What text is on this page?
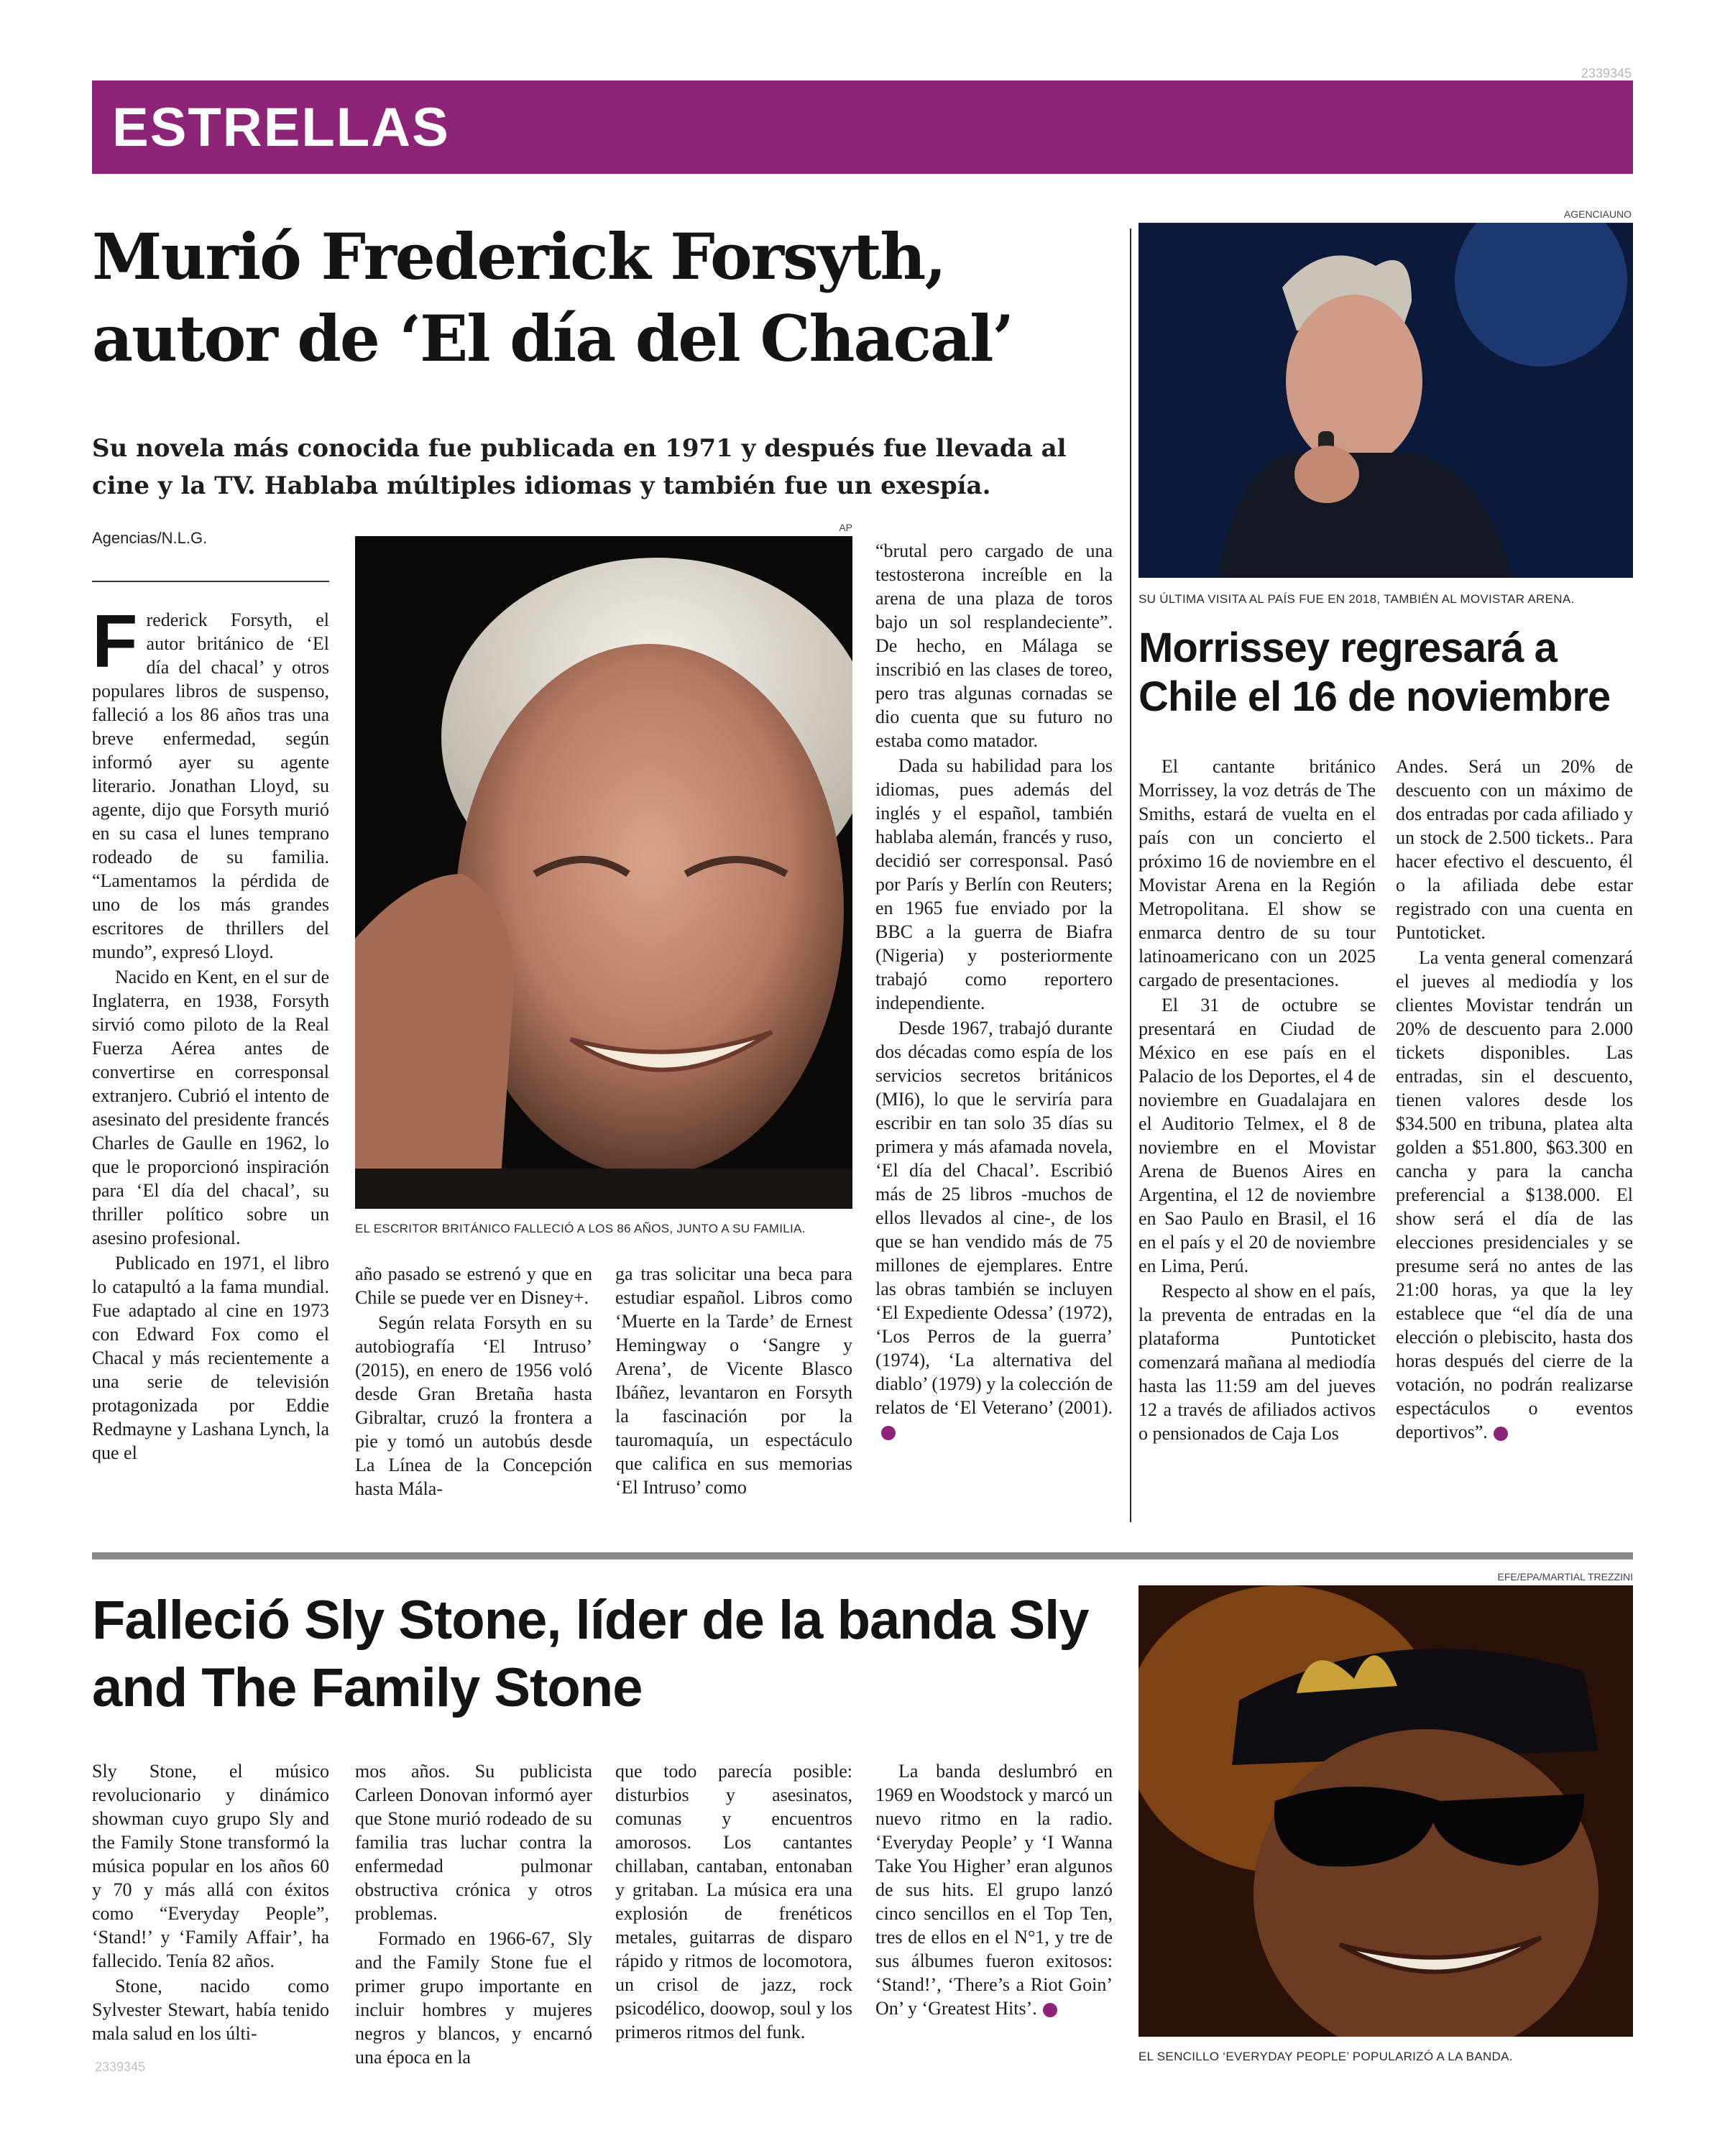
2339345
ESTRELLAS
Murió Frederick Forsyth, autor de ‘El día del Chacal’
Su novela más conocida fue publicada en 1971 y después fue llevada al cine y la TV. Hablaba múltiples idiomas y también fue un exespía.
Agencias/N.L.G.

Frederick Forsyth, el autor británico de ‘El día del chacal’ y otros populares libros de suspenso, falleció a los 86 años tras una breve enfermedad, según informó ayer su agente literario. Jonathan Lloyd, su agente, dijo que Forsyth murió en su casa el lunes temprano rodeado de su familia. “Lamentamos la pérdida de uno de los más grandes escritores de thrillers del mundo”, expresó Lloyd.

Nacido en Kent, en el sur de Inglaterra, en 1938, Forsyth sirvió como piloto de la Real Fuerza Aérea antes de convertirse en corresponsal extranjero. Cubrió el intento de asesinato del presidente francés Charles de Gaulle en 1962, lo que le proporcionó inspiración para ‘El día del chacal’, su thriller político sobre un asesino profesional.

Publicado en 1971, el libro lo catapultó a la fama mundial. Fue adaptado al cine en 1973 con Edward Fox como el Chacal y más recientemente a una serie de televisión protagonizada por Eddie Redmayne y Lashana Lynch, la que el

AP
EL ESCRITOR BRITÁNICO FALLECIÓ A LOS 86 AÑOS, JUNTO A SU FAMILIA.

año pasado se estrenó y que en Chile se puede ver en Disney+.

Según relata Forsyth en su autobiografía ‘El Intruso’ (2015), en enero de 1956 voló desde Gran Bretaña hasta Gibraltar, cruzó la frontera a pie y tomó un autobús desde La Línea de la Concepción hasta Mála-

ga tras solicitar una beca para estudiar español. Libros como ‘Muerte en la Tarde’ de Ernest Hemingway o ‘Sangre y Arena’, de Vicente Blasco Ibáñez, levantaron en Forsyth la fascinación por la tauromaquía, un espectáculo que califica en sus memorias ‘El Intruso’ como

“brutal pero cargado de una testosterona increíble en la arena de una plaza de toros bajo un sol resplandeciente”. De hecho, en Málaga se inscribió en las clases de toreo, pero tras algunas cornadas se dio cuenta que su futuro no estaba como matador.

Dada su habilidad para los idiomas, pues además del inglés y el español, también hablaba alemán, francés y ruso, decidió ser corresponsal. Pasó por París y Berlín con Reuters; en 1965 fue enviado por la BBC a la guerra de Biafra (Nigeria) y posteriormente trabajó como reportero independiente.

Desde 1967, trabajó durante dos décadas como espía de los servicios secretos británicos (MI6), lo que le serviría para escribir en tan solo 35 días su primera y más afamada novela, ‘El día del Chacal’. Escribió más de 25 libros -muchos de ellos llevados al cine-, de los que se han vendido más de 75 millones de ejemplares. Entre las obras también se incluyen ‘El Expediente Odessa’ (1972), ‘Los Perros de la guerra’ (1974), ‘La alternativa del diablo’ (1979) y la colección de relatos de ‘El Veterano’ (2001).✪

AGENCIAUNO
SU ÚLTIMA VISITA AL PAÍS FUE EN 2018, TAMBIÉN AL MOVISTAR ARENA.
Morrissey regresará a Chile el 16 de noviembre

El cantante británico Morrissey, la voz detrás de The Smiths, estará de vuelta en el país con un concierto el próximo 16 de noviembre en el Movistar Arena en la Región Metropolitana. El show se enmarca dentro de su tour latinoamericano con un 2025 cargado de presentaciones.

El 31 de octubre se presentará en Ciudad de México en ese país en el Palacio de los Deportes, el 4 de noviembre en Guadalajara en el Auditorio Telmex, el 8 de noviembre en el Movistar Arena de Buenos Aires en Argentina, el 12 de noviembre en Sao Paulo en Brasil, el 16 en el país y el 20 de noviembre en Lima, Perú.

Respecto al show en el país, la preventa de entradas en la plataforma Puntoticket comenzará mañana al mediodía hasta las 11:59 am del jueves 12 a través de afiliados activos o pensionados de Caja Los

Andes. Será un 20% de descuento con un máximo de dos entradas por cada afiliado y un stock de 2.500 tickets.. Para hacer efectivo el descuento, él o la afiliada debe estar registrado con una cuenta en Puntoticket.

La venta general comenzará el jueves al mediodía y los clientes Movistar tendrán un 20% de descuento para 2.000 tickets disponibles. Las entradas, sin el descuento, tienen valores desde los $34.500 en tribuna, platea alta golden a $51.800, $63.300 en cancha y para la cancha preferencial a $138.000. El show será el día de las elecciones presidenciales y se presume será no antes de las 21:00 horas, ya que la ley establece que “el día de una elección o plebiscito, hasta dos horas después del cierre de la votación, no podrán realizarse espectáculos o eventos deportivos”.	✪

Falleció Sly Stone, líder de la banda Sly and The Family Stone
EFE/EPA/MARTIAL TREZZINI
EL SENCILLO ‘EVERYDAY PEOPLE’ POPULARIZÓ A LA BANDA.

Sly Stone, el músico revolucionario y dinámico showman cuyo grupo Sly and the Family Stone transformó la música popular en los años 60 y 70 y más allá con éxitos como “Everyday People”, ‘Stand!’ y ‘Family Affair’, ha fallecido. Tenía 82 años.

Stone, nacido como Sylvester Stewart, había tenido mala salud en los últi-

mos años. Su publicista Carleen Donovan informó ayer que Stone murió rodeado de su familia tras luchar contra la enfermedad pulmonar obstructiva crónica y otros problemas.

Formado en 1966-67, Sly and the Family Stone fue el primer grupo importante en incluir hombres y mujeres negros y blancos, y encarnó una época en la

que todo parecía posible: disturbios y asesinatos, comunas y encuentros amorosos. Los cantantes chillaban, cantaban, entonaban y gritaban. La música era una explosión de frenéticos metales, guitarras de disparo rápido y ritmos de locomotora, un crisol de jazz, rock psicodélico, doowop, soul y los primeros ritmos del funk.

La banda deslumbró en 1969 en Woodstock y marcó un nuevo ritmo en la radio. ‘Everyday People’ y ‘I Wanna Take You Higher’ eran algunos de sus hits. El grupo lanzó cinco sencillos en el Top Ten, tres de ellos en el N°1, y tre de sus álbumes fueron exitosos: ‘Stand!’, ‘There’s a Riot Goin’ On’ y ‘Greatest Hits’.	✪

2339345
